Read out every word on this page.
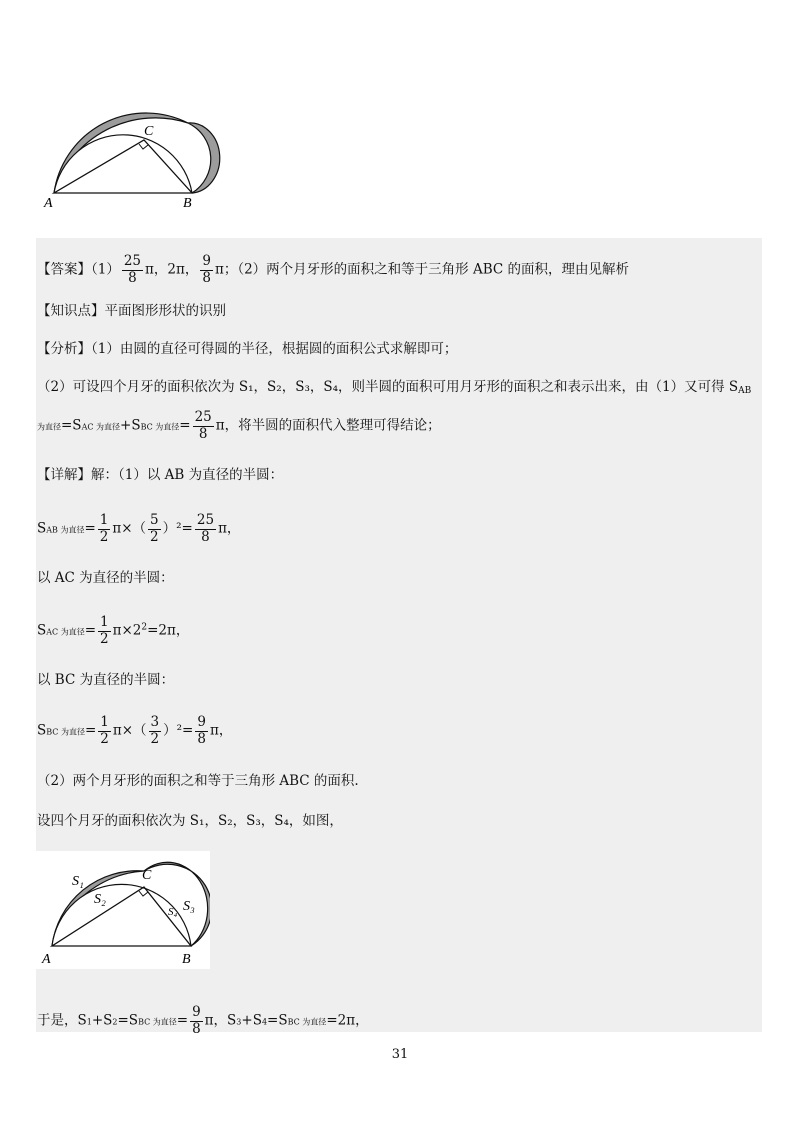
C
A	B
【答案】$(1) \frac{25}{8}$ π，2π， $\frac{9}{8}$ π；（2）两个月牙形的面积之和等于三角形 ABC 的面积，理由见解析
【知识点】平面图形形状的识别
【分析】（1）由圆的直径可得圆的半径，根据圆的面积公式求解即可；
（2）可设四个月牙的面积依次为 S₁，S₂，S₃，S₄，则半圆的面积可用月牙形的面积之和表示出来，由（1）又可得 SAB
为直径=SAC 为直径+SBC 为直径= $\frac{25}{8}$ π，将半圆的面积代入整理可得结论；
【详解】解：（1）以 AB 为直径的半圆：
SAB 为直径= $\frac{1}{2} \pi\times( \frac{5}{2} )^2= \frac{25}{8}$ π，
以 AC 为直径的半圆：
SAC 为直径= $\frac{1}{2} \pi\times 2^2=2\pi$，
以 BC 为直径的半圆：
SBC 为直径= $\frac{1}{2} \pi\times( \frac{3}{2} )^2= \frac{9}{8}$ π，
（2）两个月牙形的面积之和等于三角形 ABC 的面积.
设四个月牙的面积依次为 S₁，S₂，S₃，S₄，如图，
C
A	B
S₁
S₂	S₃
S₄
于是，S1+S2=SBC 为直径= $\frac{9}{8}$ π，S3+S4=SBC 为直径=2π，
31
